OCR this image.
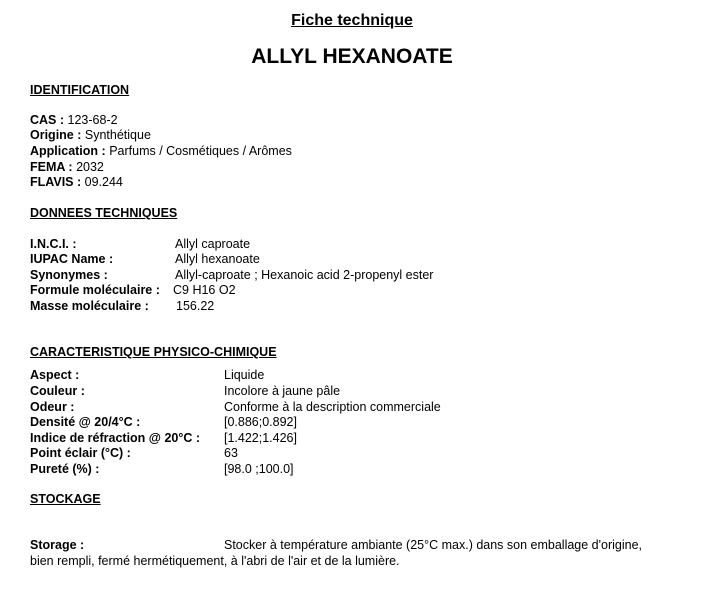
Fiche technique
ALLYL HEXANOATE
IDENTIFICATION
CAS : 123-68-2
Origine : Synthétique
Application : Parfums / Cosmétiques / Arômes
FEMA : 2032
FLAVIS : 09.244
DONNEES TECHNIQUES
I.N.C.I. :	Allyl caproate
IUPAC Name :	Allyl hexanoate
Synonymes :	Allyl-caproate ; Hexanoic acid 2-propenyl ester
Formule moléculaire : C9 H16 O2
Masse moléculaire : 156.22
CARACTERISTIQUE PHYSICO-CHIMIQUE
Aspect :	Liquide
Couleur :	Incolore à jaune pâle
Odeur :	Conforme à la description commerciale
Densité @ 20/4°C :	[0.886;0.892]
Indice de réfraction @ 20°C : [1.422;1.426]
Point éclair (°C) :	63
Pureté (%) :	[98.0 ;100.0]
STOCKAGE
Storage :	Stocker à température ambiante (25°C max.) dans son emballage d'origine,
bien rempli, fermé hermétiquement, à l'abri de l'air et de la lumière.
